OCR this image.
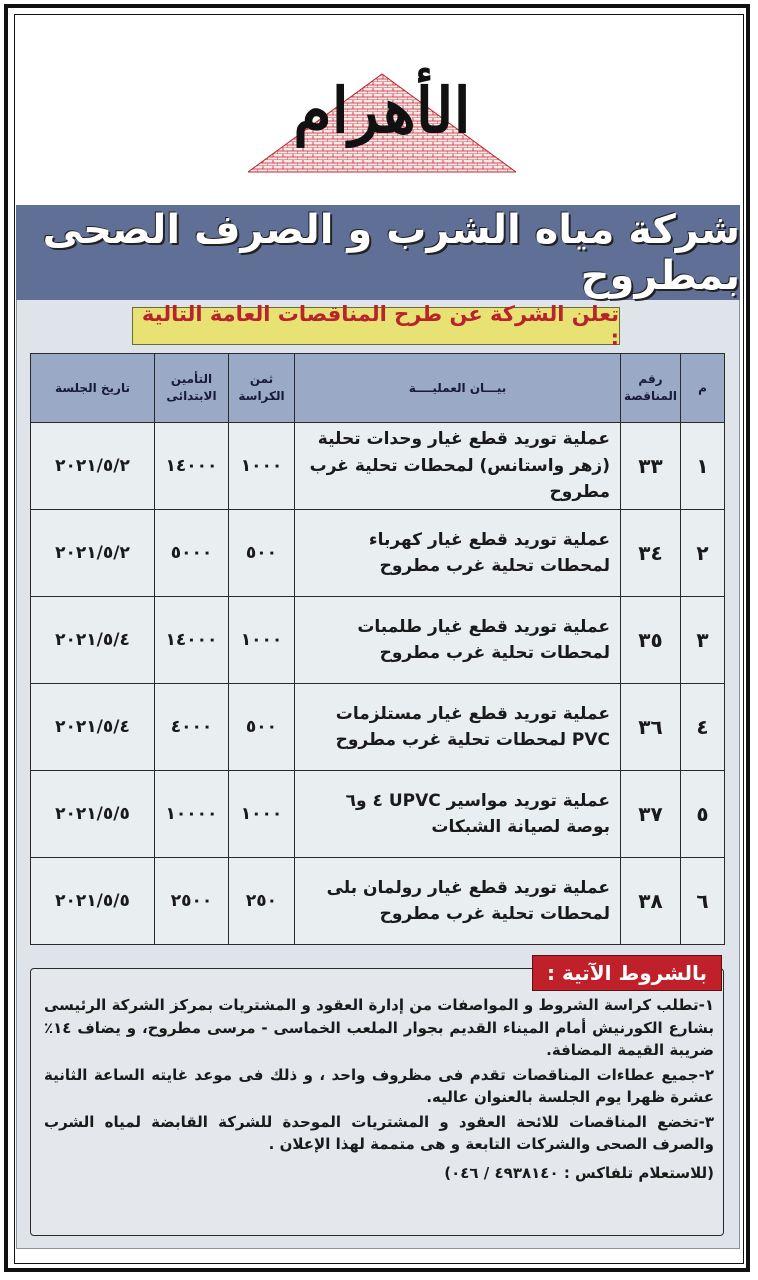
الأهرام
شركة مياه الشرب و الصرف الصحى بمطروح
تعلن الشركة عن طرح المناقصات العامة التالية :
م	رقم المناقصة	بيـــان العمليــــة	ثمن الكراسة	التأمين الابتدائى	تاريخ الجلسة
١	٣٣	عملية توريد قطع غيار وحدات تحلية (زهر واستانس) لمحطات تحلية غرب مطروح	١٠٠٠	١٤٠٠٠	٢٠٢١/٥/٢
٢	٣٤	عملية توريد قطع غيار كهرباء لمحطات تحلية غرب مطروح	٥٠٠	٥٠٠٠	٢٠٢١/٥/٢
٣	٣٥	عملية توريد قطع غيار طلمبات لمحطات تحلية غرب مطروح	١٠٠٠	١٤٠٠٠	٢٠٢١/٥/٤
٤	٣٦	عملية توريد قطع غيار مستلزمات PVC لمحطات تحلية غرب مطروح	٥٠٠	٤٠٠٠	٢٠٢١/٥/٤
٥	٣٧	عملية توريد مواسير UPVC ٤ و٦ بوصة لصيانة الشبكات	١٠٠٠	١٠٠٠٠	٢٠٢١/٥/٥
٦	٣٨	عملية توريد قطع غيار رولمان بلى لمحطات تحلية غرب مطروح	٢٥٠	٢٥٠٠	٢٠٢١/٥/٥
بالشروط الآتية :

١-تطلب كراسة الشروط و المواصفات من إدارة العقود و المشتريات بمركز الشركة الرئيسى بشارع الكورنيش أمام الميناء القديم بجوار الملعب الخماسى - مرسى مطروح، و يضاف ١٤٪ ضريبة القيمة المضافة.

٢-جميع عطاءات المناقصات تقدم فى مظروف واحد ، و ذلك فى موعد غايته الساعة الثانية عشرة ظهرا يوم الجلسة بالعنوان عاليه.

٣-تخضع المناقصات للائحة العقود و المشتريات الموحدة للشركة القابضة لمياه الشرب والصرف الصحى والشركات التابعة و هى متممة لهذا الإعلان .

(للاستعلام تلفاكس : ٤٩٣٨١٤٠ / ٠٤٦)
